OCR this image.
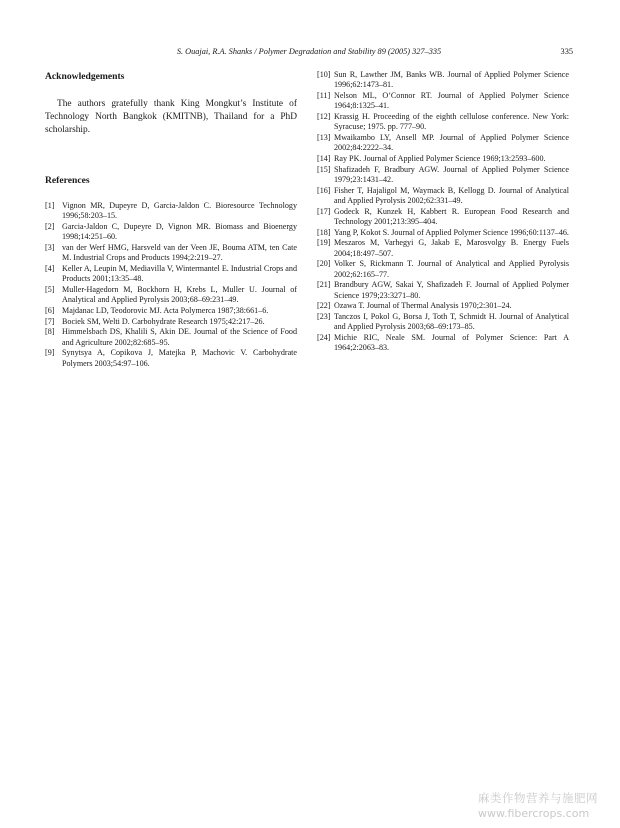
S. Ouajai, R.A. Shanks / Polymer Degradation and Stability 89 (2005) 327–335	335
Acknowledgements

The authors gratefully thank King Mongkut’s Institute of Technology North Bangkok (KMITNB), Thailand for a PhD scholarship.

References
[1] Vignon MR, Dupeyre D, Garcia-Jaldon C. Bioresource Technology 1996;58:203–15.
[2] Garcia-Jaldon C, Dupeyre D, Vignon MR. Biomass and Bioenergy 1998;14:251–60.
[3] van der Werf HMG, Harsveld van der Veen JE, Bouma ATM, ten Cate M. Industrial Crops and Products 1994;2:219–27.
[4] Keller A, Leupin M, Mediavilla V, Wintermantel E. Industrial Crops and Products 2001;13:35–48.
[5] Muller-Hagedorn M, Bockhorn H, Krebs L, Muller U. Journal of Analytical and Applied Pyrolysis 2003;68–69:231–49.
[6] Majdanac LD, Teodorovic MJ. Acta Polymerca 1987;38:661–6.
[7] Bociek SM, Welti D. Carbohydrate Research 1975;42:217–26.
[8] Himmelsbach DS, Khalili S, Akin DE. Journal of the Science of Food and Agriculture 2002;82:685–95.
[9] Synytsya A, Copikova J, Matejka P, Machovic V. Carbohydrate Polymers 2003;54:97–106.
[10] Sun R, Lawther JM, Banks WB. Journal of Applied Polymer Science 1996;62:1473–81.
[11] Nelson ML, O’Connor RT. Journal of Applied Polymer Science 1964;8:1325–41.
[12] Krassig H. Proceeding of the eighth cellulose conference. New York: Syracuse; 1975. pp. 777–90.
[13] Mwaikambo LY, Ansell MP. Journal of Applied Polymer Science 2002;84:2222–34.
[14] Ray PK. Journal of Applied Polymer Science 1969;13:2593–600.
[15] Shafizadeh F, Bradbury AGW. Journal of Applied Polymer Science 1979;23:1431–42.
[16] Fisher T, Hajaligol M, Waymack B, Kellogg D. Journal of Analytical and Applied Pyrolysis 2002;62:331–49.
[17] Godeck R, Kunzek H, Kabbert R. European Food Research and Technology 2001;213:395–404.
[18] Yang P, Kokot S. Journal of Applied Polymer Science 1996;60:1137–46.
[19] Meszaros M, Varhegyi G, Jakab E, Marosvolgy B. Energy Fuels 2004;18:497–507.
[20] Volker S, Rickmann T. Journal of Analytical and Applied Pyrolysis 2002;62:165–77.
[21] Brandbury AGW, Sakai Y, Shafizadeh F. Journal of Applied Polymer Science 1979;23:3271–80.
[22] Ozawa T. Journal of Thermal Analysis 1970;2:301–24.
[23] Tanczos I, Pokol G, Borsa J, Toth T, Schmidt H. Journal of Analytical and Applied Pyrolysis 2003;68–69:173–85.
[24] Michie RIC, Neale SM. Journal of Polymer Science: Part A 1964;2:2063–83.
麻类作物营养与施肥网
www.fibercrops.com
